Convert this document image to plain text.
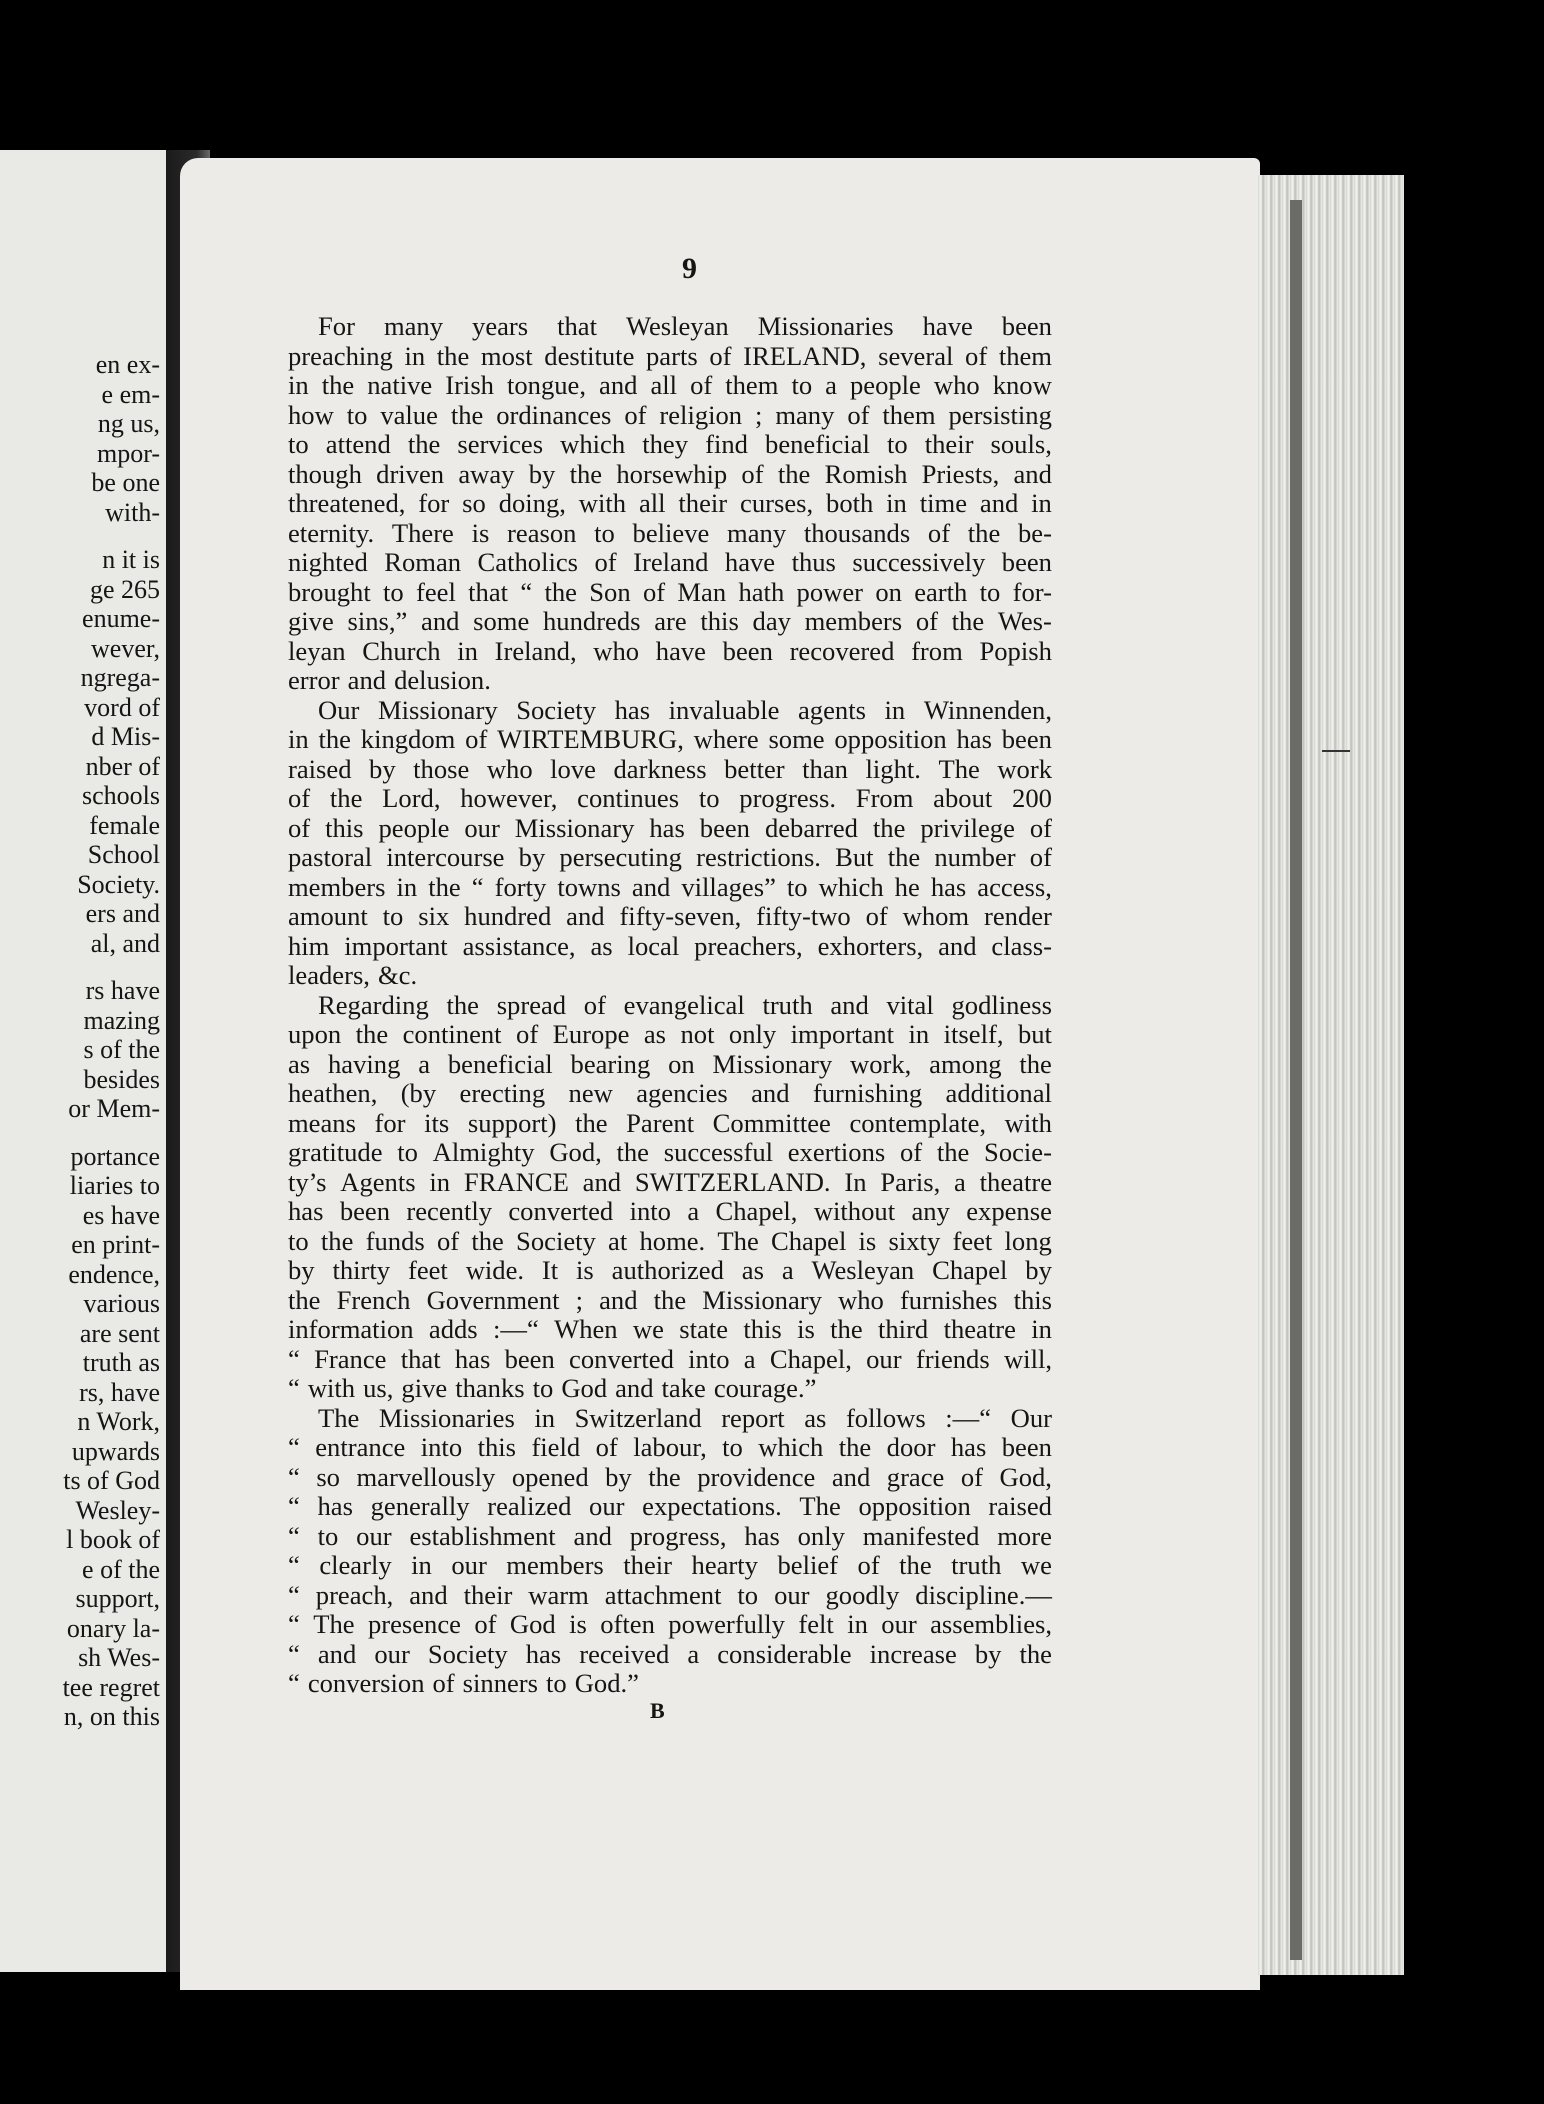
en ex-
e em-
ng us,
mpor-
be one
with-
n it is
ge 265
enume-
wever,
ngrega-
vord of
d Mis-
nber of
schools
female
School
Society.
ers and
al, and
rs have
mazing
s of the
besides
or Mem-
portance
liaries to
es have
en print-
endence,
various
are sent
truth as
rs, have
n Work,
upwards
ts of God
Wesley-
l book of
e of the
support,
onary la-
sh Wes-
tee regret
n, on this
9
For many years that Wesleyan Missionaries have been
preaching in the most destitute parts of IRELAND, several of them
in the native Irish tongue, and all of them to a people who know
how to value the ordinances of religion ; many of them persisting
to attend the services which they find beneficial to their souls,
though driven away by the horsewhip of the Romish Priests, and
threatened, for so doing, with all their curses, both in time and in
eternity. There is reason to believe many thousands of the be-
nighted Roman Catholics of Ireland have thus successively been
brought to feel that “ the Son of Man hath power on earth to for-
give sins,” and some hundreds are this day members of the Wes-
leyan Church in Ireland, who have been recovered from Popish
error and delusion.
Our Missionary Society has invaluable agents in Winnenden,
in the kingdom of WIRTEMBURG, where some opposition has been
raised by those who love darkness better than light. The work
of the Lord, however, continues to progress. From about 200
of this people our Missionary has been debarred the privilege of
pastoral intercourse by persecuting restrictions. But the number of
members in the “ forty towns and villages” to which he has access,
amount to six hundred and fifty-seven, fifty-two of whom render
him important assistance, as local preachers, exhorters, and class-
leaders, &c.
Regarding the spread of evangelical truth and vital godliness
upon the continent of Europe as not only important in itself, but
as having a beneficial bearing on Missionary work, among the
heathen, (by erecting new agencies and furnishing additional
means for its support) the Parent Committee contemplate, with
gratitude to Almighty God, the successful exertions of the Socie-
ty’s Agents in FRANCE and SWITZERLAND. In Paris, a theatre
has been recently converted into a Chapel, without any expense
to the funds of the Society at home. The Chapel is sixty feet long
by thirty feet wide. It is authorized as a Wesleyan Chapel by
the French Government ; and the Missionary who furnishes this
information adds :—“ When we state this is the third theatre in
“ France that has been converted into a Chapel, our friends will,
“ with us, give thanks to God and take courage.”
The Missionaries in Switzerland report as follows :—“ Our
“ entrance into this field of labour, to which the door has been
“ so marvellously opened by the providence and grace of God,
“ has generally realized our expectations. The opposition raised
“ to our establishment and progress, has only manifested more
“ clearly in our members their hearty belief of the truth we
“ preach, and their warm attachment to our goodly discipline.—
“ The presence of God is often powerfully felt in our assemblies,
“ and our Society has received a considerable increase by the
“ conversion of sinners to God.”
B
